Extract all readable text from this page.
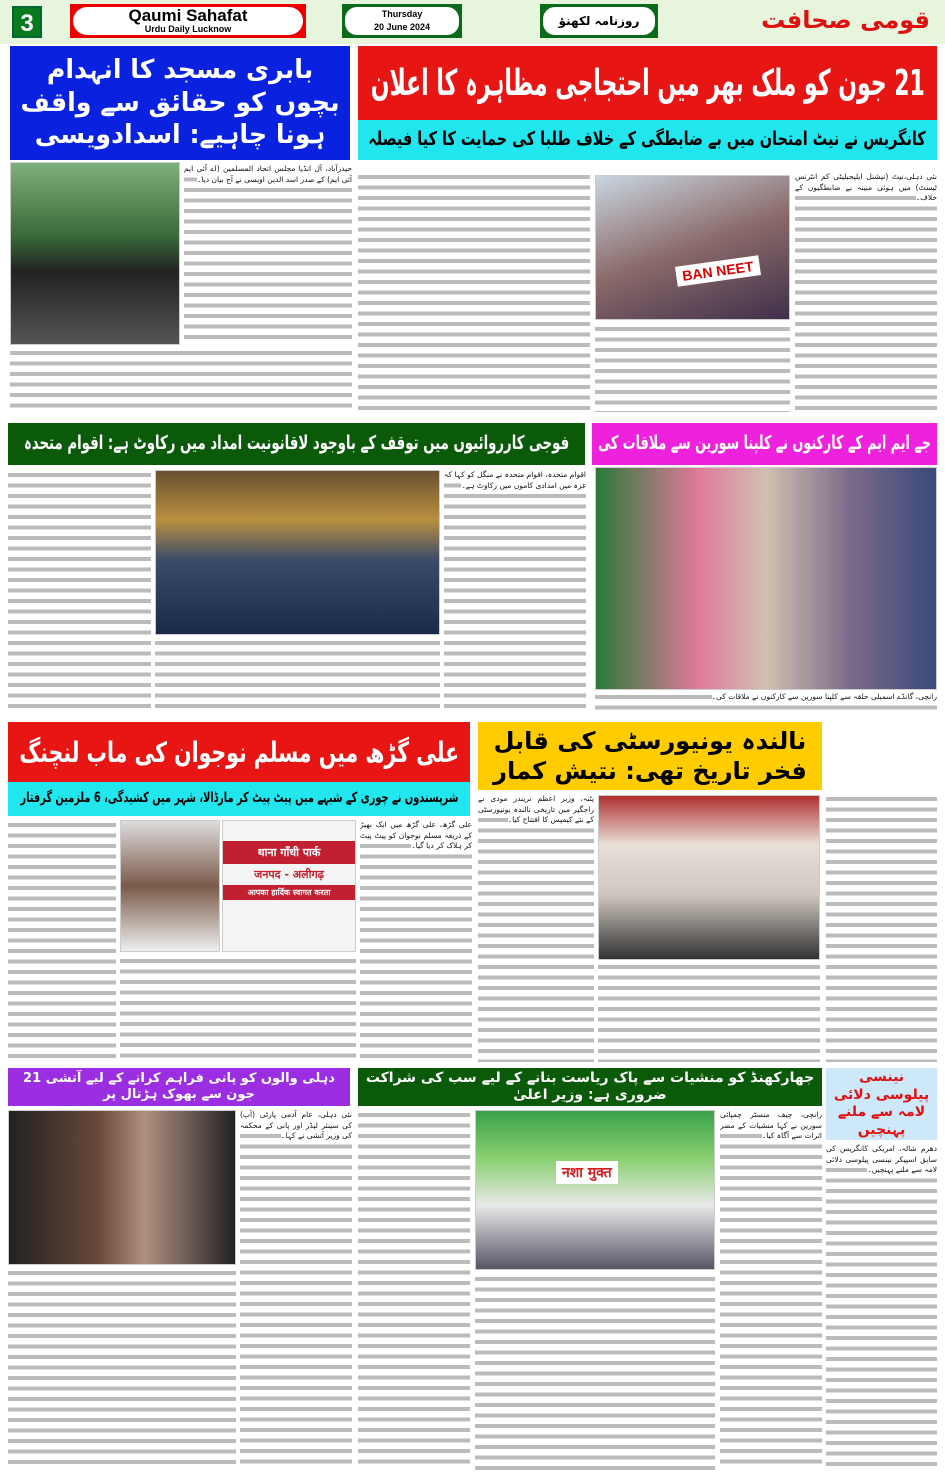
3	Qaumi Sahafat
Urdu Daily Lucknow
Thursday
20 June 2024	روزنامہ لکھنؤ	قومی صحافت
بابری مسجد کا انہدام بچوں کو حقائق سے واقف ہونا چاہیے: اسدادویسی
حیدرآباد، آل انڈیا مجلس اتحاد المسلمین (اے آئی ایم آئی ایم) کے صدر اسد الدین اویسی نے آج بیان دیا۔
21 جون کو ملک بھر میں احتجاجی مظاہرہ کا اعلان
کانگریس نے نیٹ امتحان میں بے ضابطگی کے خلاف طلبا کی حمایت کا کیا فیصلہ
نئی دہلی،نیٹ (نیشنل ایلیجبلیٹی کم انٹرنس ٹیسٹ) میں ہوئی مبینہ بے ضابطگیوں کے خلاف۔
BAN NEET
فوجی کارروائیوں میں توقف کے باوجود لاقانونیت امداد میں رکاوٹ ہے: اقوام متحدہ	جے ایم ایم کے کارکنوں نے کلپنا سورین سے ملاقات کی
اقوام متحدہ، اقوام متحدہ نے منگل کو کہا کہ غزہ میں امدادی کاموں میں رکاوٹ ہے۔
رانچی، گانڈے اسمبلی حلقہ سے کلپنا سورین سے کارکنوں نے ملاقات کی۔
علی گڑھ میں مسلم نوجوان کی ماب لنچنگ
شرپسندوں نے چوری کے شبہے میں پیٹ پیٹ کر مارڈالا، شہر میں کشیدگی، 6 ملزمین گرفتار
थाना गाँधी पार्क
जनपद - अलीगढ़
आपका हार्दिक स्वागत करता
علی گڑھ، علی گڑھ میں ایک بھیڑ کے ذریعہ مسلم نوجوان کو پیٹ پیٹ کر ہلاک کر دیا گیا۔
نالندہ یونیورسٹی کی قابل فخر تاریخ تھی: نتیش کمار
پٹنہ، وزیر اعظم نریندر مودی نے راجگیر میں تاریخی نالندہ یونیورسٹی کے نئے کیمپس کا افتتاح کیا۔
دہلی والوں کو پانی فراہم کرانے کے لیے آتشی 21 جون سے بھوک ہڑتال پر
نئی دہلی، عام آدمی پارٹی (آپ) کی سینئر لیڈر اور پانی کے محکمہ کی وزیر آتشی نے کہا۔
جھارکھنڈ کو منشیات سے پاک ریاست بنانے کے لیے سب کی شراکت ضروری ہے: وزیر اعلیٰ
नशा मुक्त
رانچی، چیف منسٹر چمپائی سورین نے کہا منشیات کے مضر اثرات سے آگاہ کیا۔
نینسی پیلوسی دلائی لامہ سے ملنے پہنچیں
دھرم شالہ، امریکی کانگریس کی سابق اسپیکر نینسی پیلوسی دلائی لامہ سے ملنے پہنچیں۔
